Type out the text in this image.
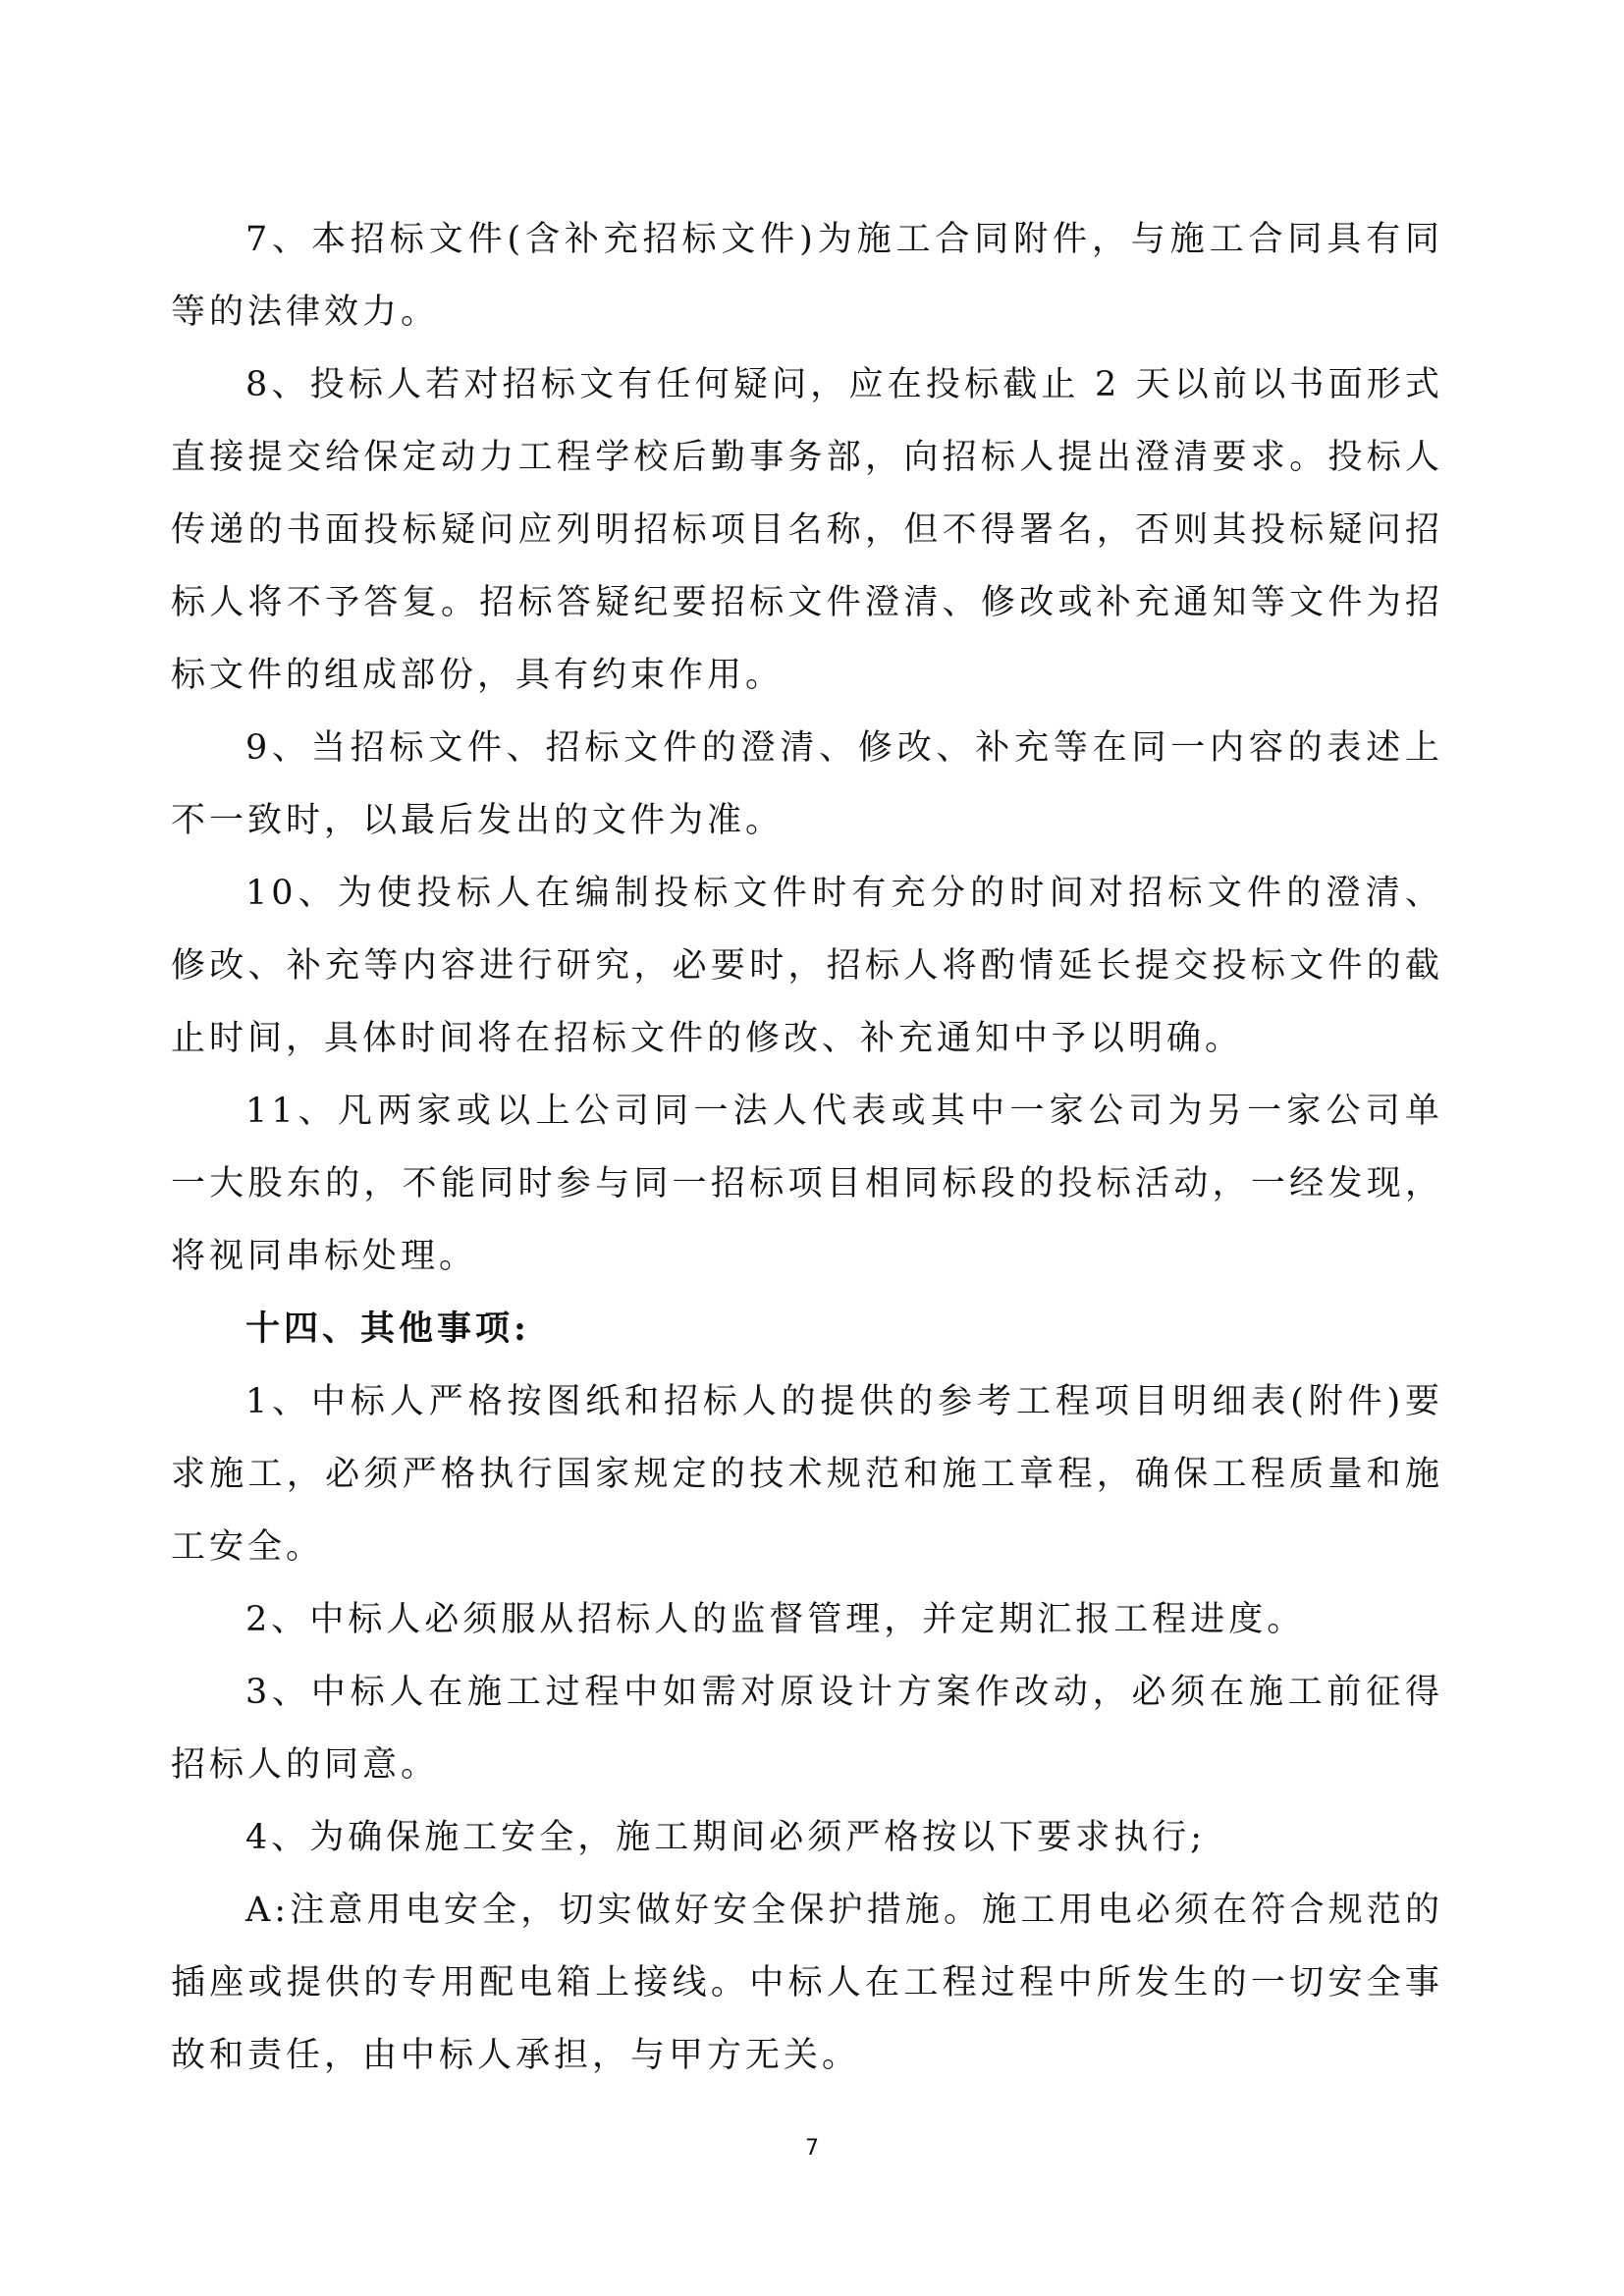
7、本招标文件(含补充招标文件)为施工合同附件，与施工合同具有同等的法律效力。

8、投标人若对招标文有任何疑问，应在投标截止 2 天以前以书面形式直接提交给保定动力工程学校后勤事务部，向招标人提出澄清要求。投标人传递的书面投标疑问应列明招标项目名称，但不得署名，否则其投标疑问招标人将不予答复。招标答疑纪要招标文件澄清、修改或补充通知等文件为招标文件的组成部份，具有约束作用。

9、当招标文件、招标文件的澄清、修改、补充等在同一内容的表述上不一致时，以最后发出的文件为准。

10、为使投标人在编制投标文件时有充分的时间对招标文件的澄清、修改、补充等内容进行研究，必要时，招标人将酌情延长提交投标文件的截止时间，具体时间将在招标文件的修改、补充通知中予以明确。

11、凡两家或以上公司同一法人代表或其中一家公司为另一家公司单一大股东的，不能同时参与同一招标项目相同标段的投标活动，一经发现，将视同串标处理。

十四、其他事项:

1、中标人严格按图纸和招标人的提供的参考工程项目明细表(附件)要求施工，必须严格执行国家规定的技术规范和施工章程，确保工程质量和施工安全。

2、中标人必须服从招标人的监督管理，并定期汇报工程进度。

3、中标人在施工过程中如需对原设计方案作改动，必须在施工前征得招标人的同意。

4、为确保施工安全，施工期间必须严格按以下要求执行;

A:注意用电安全，切实做好安全保护措施。施工用电必须在符合规范的插座或提供的专用配电箱上接线。中标人在工程过程中所发生的一切安全事故和责任，由中标人承担，与甲方无关。

7
